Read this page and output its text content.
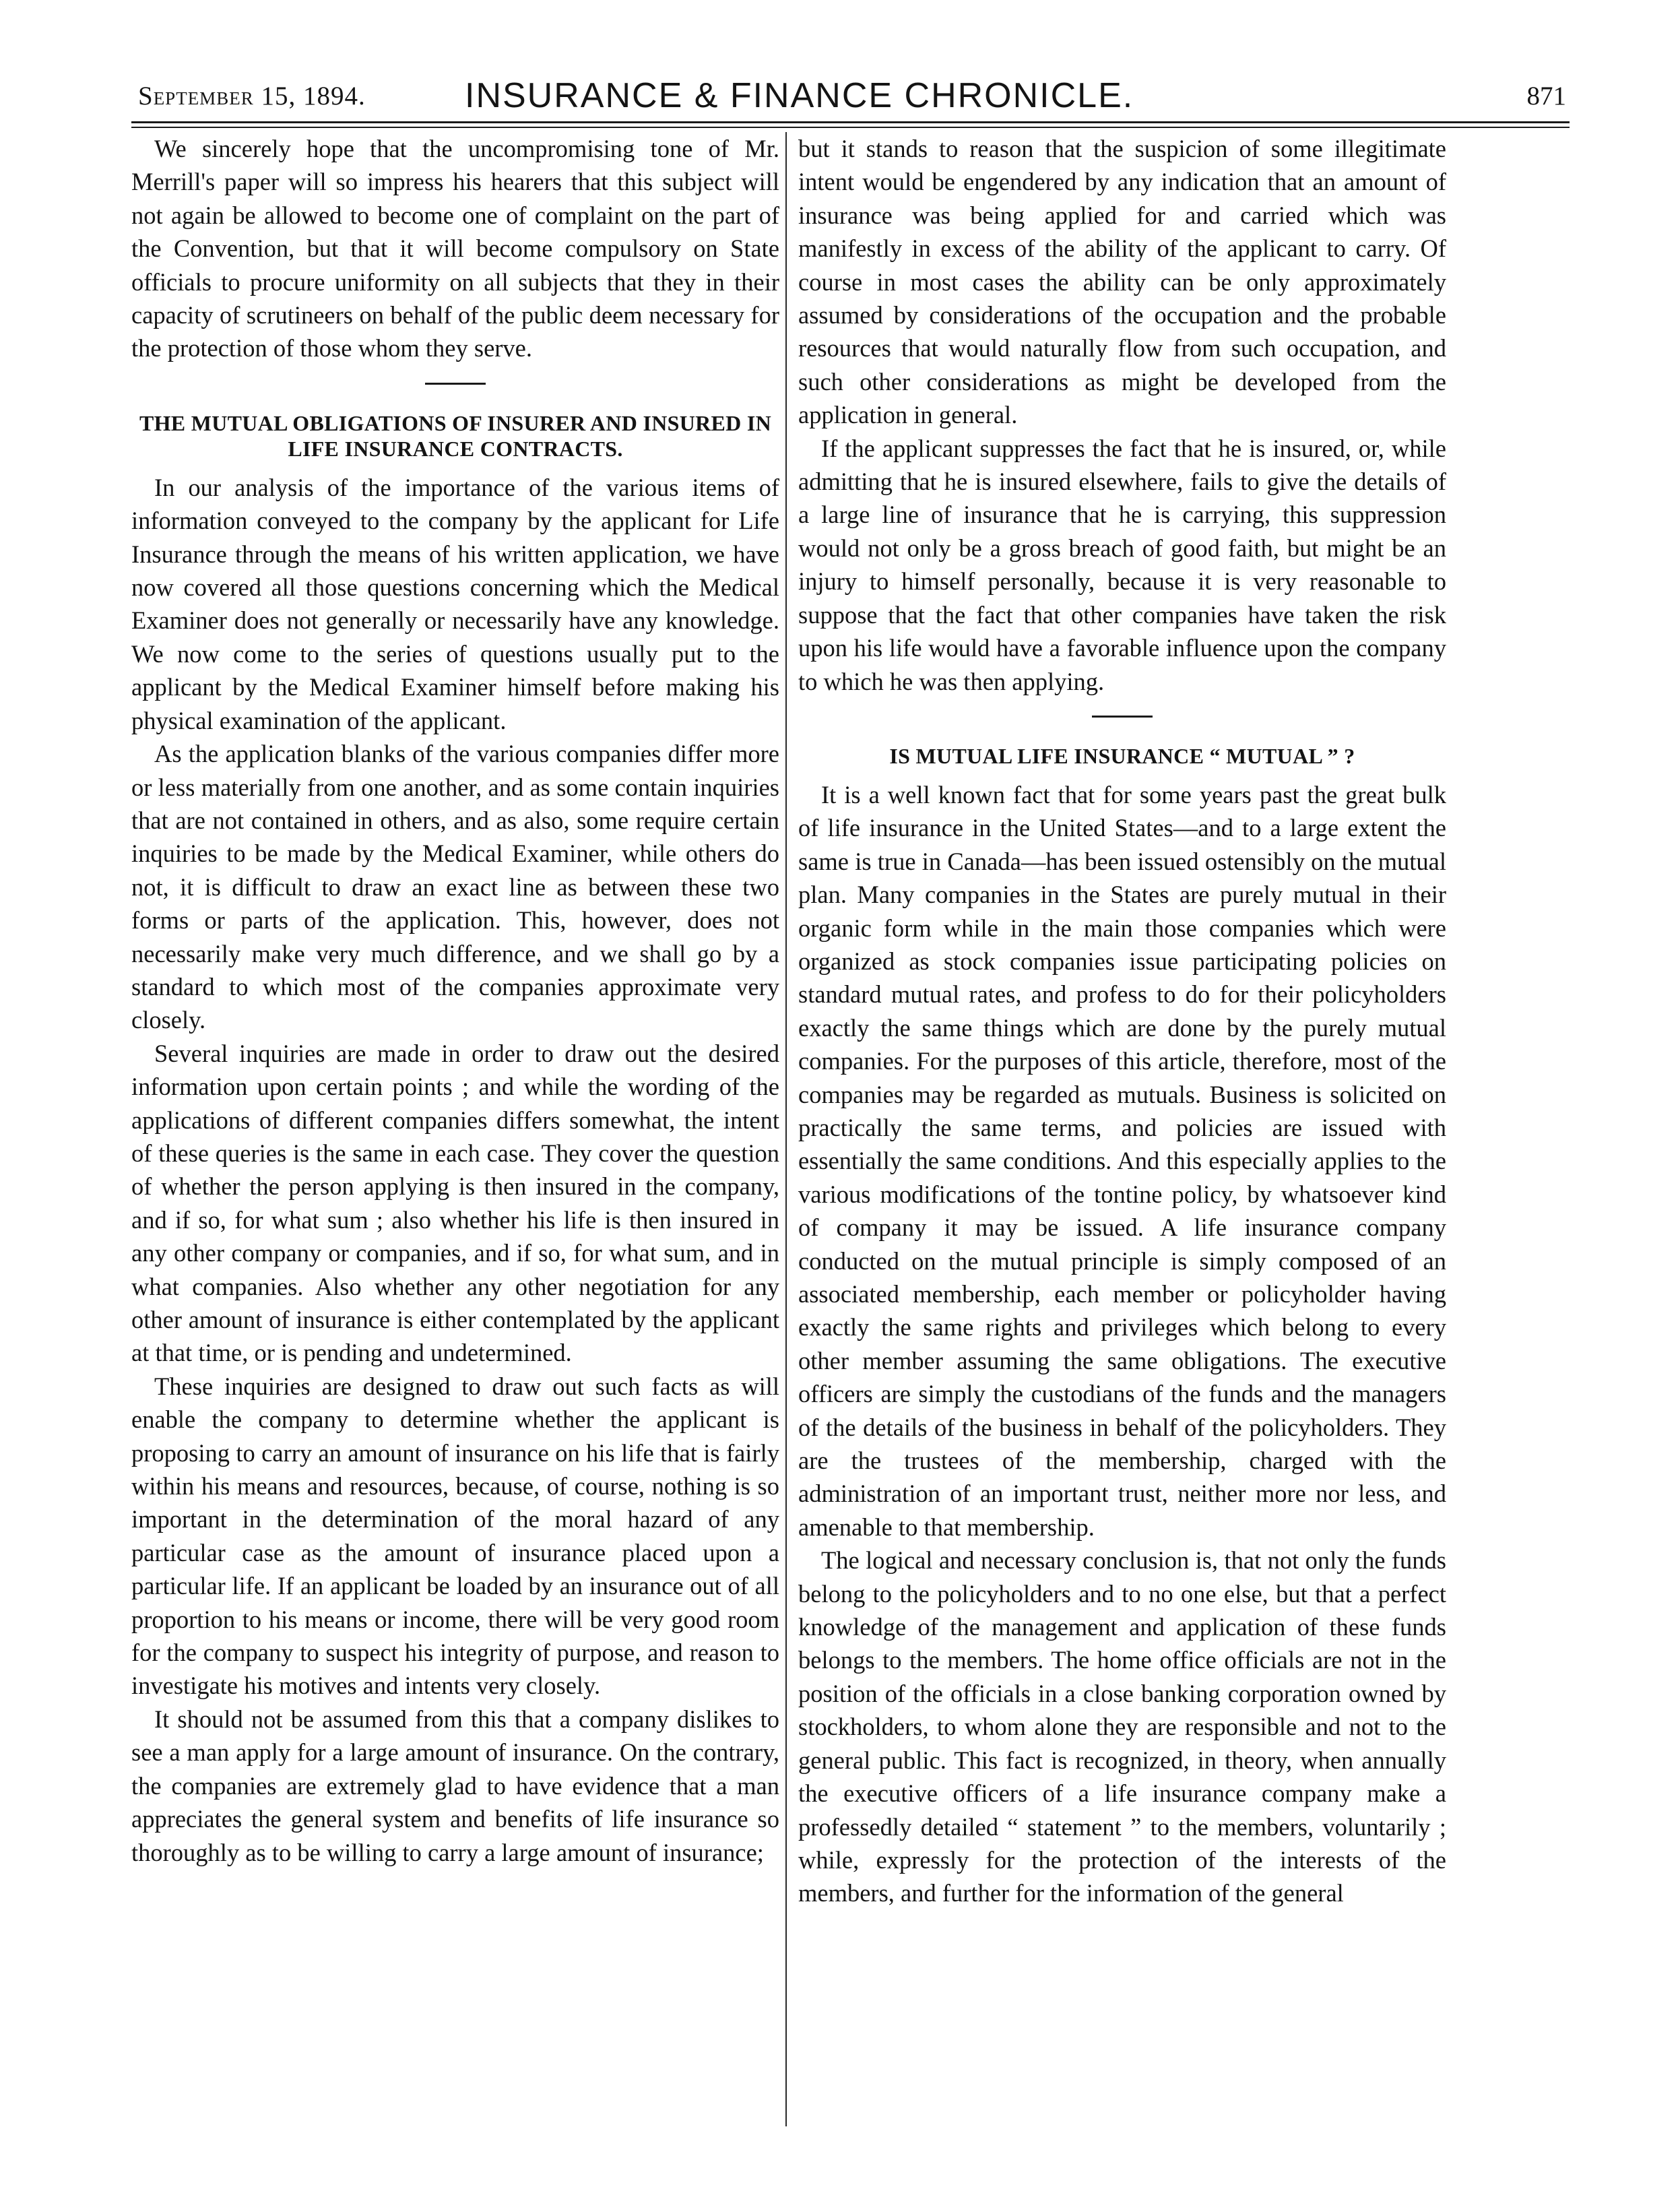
September 15, 1894.	INSURANCE & FINANCE CHRONICLE.	871

We sincerely hope that the uncompromising tone of Mr. Merrill's paper will so impress his hearers that this subject will not again be allowed to become one of complaint on the part of the Convention, but that it will become compulsory on State officials to procure uniformity on all subjects that they in their capacity of scrutineers on behalf of the public deem necessary for the protection of those whom they serve.

THE MUTUAL OBLIGATIONS OF INSURER AND INSURED IN LIFE INSURANCE CONTRACTS.

In our analysis of the importance of the various items of information conveyed to the company by the applicant for Life Insurance through the means of his written application, we have now covered all those questions concerning which the Medical Examiner does not generally or necessarily have any knowledge. We now come to the series of questions usually put to the applicant by the Medical Examiner himself before making his physical examination of the applicant.

As the application blanks of the various companies differ more or less materially from one another, and as some contain inquiries that are not contained in others, and as also, some require certain inquiries to be made by the Medical Examiner, while others do not, it is difficult to draw an exact line as between these two forms or parts of the application. This, however, does not necessarily make very much difference, and we shall go by a standard to which most of the companies approximate very closely.

Several inquiries are made in order to draw out the desired information upon certain points ; and while the wording of the applications of different companies differs somewhat, the intent of these queries is the same in each case. They cover the question of whether the person applying is then insured in the company, and if so, for what sum ; also whether his life is then insured in any other company or companies, and if so, for what sum, and in what companies. Also whether any other negotiation for any other amount of insurance is either contemplated by the applicant at that time, or is pending and undetermined.

These inquiries are designed to draw out such facts as will enable the company to determine whether the applicant is proposing to carry an amount of insurance on his life that is fairly within his means and resources, because, of course, nothing is so important in the determination of the moral hazard of any particular case as the amount of insurance placed upon a particular life. If an applicant be loaded by an insurance out of all proportion to his means or income, there will be very good room for the company to suspect his integrity of purpose, and reason to investigate his motives and intents very closely.

It should not be assumed from this that a company dislikes to see a man apply for a large amount of insurance. On the contrary, the companies are extremely glad to have evidence that a man appreciates the general system and benefits of life insurance so thoroughly as to be willing to carry a large amount of insurance;

but it stands to reason that the suspicion of some illegitimate intent would be engendered by any indication that an amount of insurance was being applied for and carried which was manifestly in excess of the ability of the applicant to carry. Of course in most cases the ability can be only approximately assumed by considerations of the occupation and the probable resources that would naturally flow from such occupation, and such other considerations as might be developed from the application in general.

If the applicant suppresses the fact that he is insured, or, while admitting that he is insured elsewhere, fails to give the details of a large line of insurance that he is carrying, this suppression would not only be a gross breach of good faith, but might be an injury to himself personally, because it is very reasonable to suppose that the fact that other companies have taken the risk upon his life would have a favorable influence upon the company to which he was then applying.

IS MUTUAL LIFE INSURANCE “ MUTUAL ” ?

It is a well known fact that for some years past the great bulk of life insurance in the United States—and to a large extent the same is true in Canada—has been issued ostensibly on the mutual plan. Many companies in the States are purely mutual in their organic form while in the main those companies which were organized as stock companies issue participating policies on standard mutual rates, and profess to do for their policyholders exactly the same things which are done by the purely mutual companies. For the purposes of this article, therefore, most of the companies may be regarded as mutuals. Business is solicited on practically the same terms, and policies are issued with essentially the same conditions. And this especially applies to the various modifications of the tontine policy, by whatsoever kind of company it may be issued. A life insurance company conducted on the mutual principle is simply composed of an associated membership, each member or policyholder having exactly the same rights and privileges which belong to every other member assuming the same obligations. The executive officers are simply the custodians of the funds and the managers of the details of the business in behalf of the policyholders. They are the trustees of the membership, charged with the administration of an important trust, neither more nor less, and amenable to that membership.

The logical and necessary conclusion is, that not only the funds belong to the policyholders and to no one else, but that a perfect knowledge of the management and application of these funds belongs to the members. The home office officials are not in the position of the officials in a close banking corporation owned by stockholders, to whom alone they are responsible and not to the general public. This fact is recognized, in theory, when annually the executive officers of a life insurance company make a professedly detailed “ statement ” to the members, voluntarily ; while, expressly for the protection of the interests of the members, and further for the information of the general
